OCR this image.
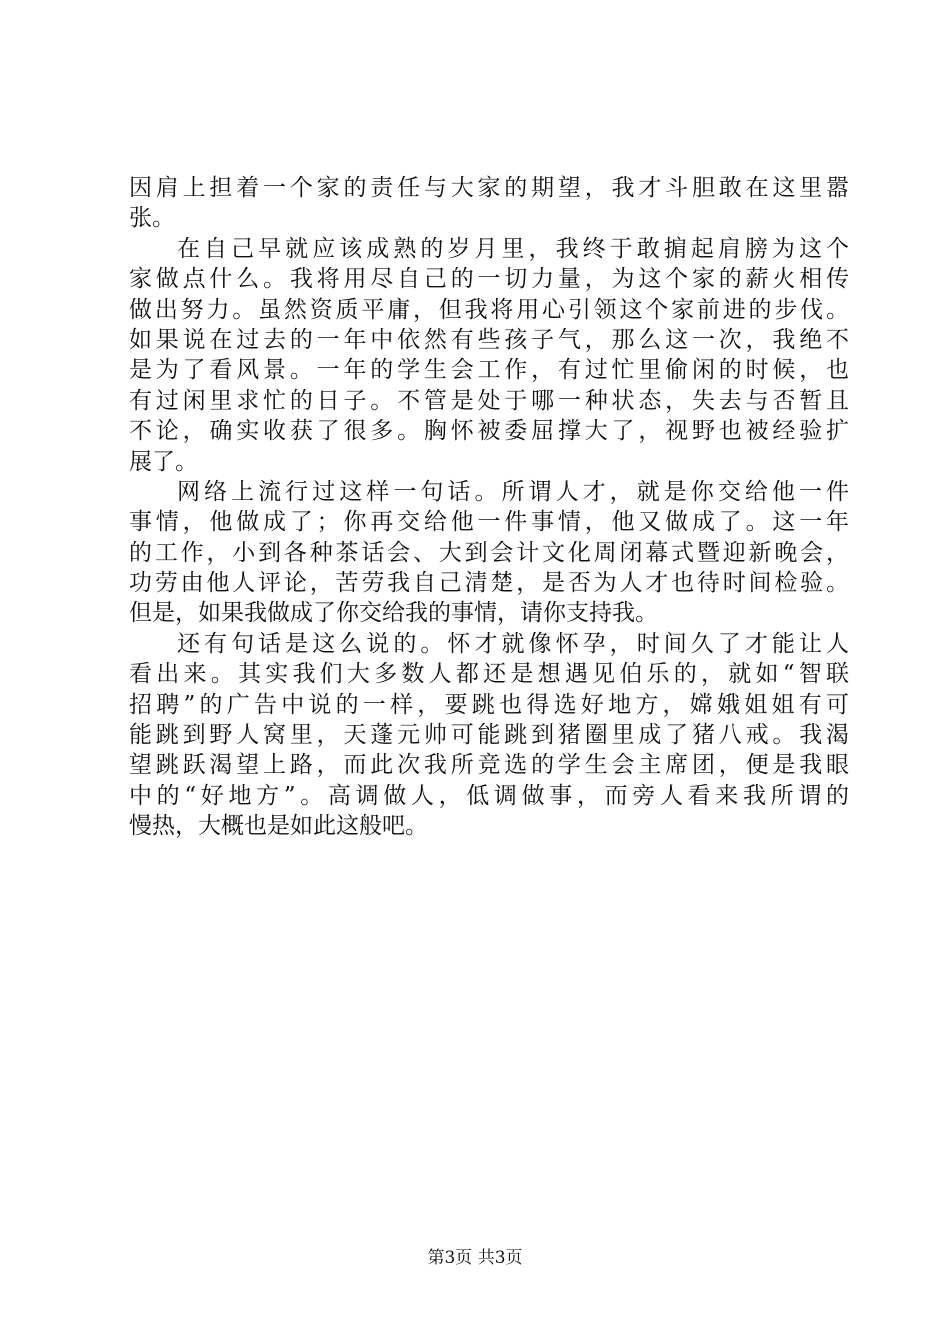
因肩上担着一个家的责任与大家的期望，我才斗胆敢在这里嚣
张。
在自己早就应该成熟的岁月里，我终于敢掮起肩膀为这个
家做点什么。我将用尽自己的一切力量，为这个家的薪火相传
做出努力。虽然资质平庸，但我将用心引领这个家前进的步伐。
如果说在过去的一年中依然有些孩子气，那么这一次，我绝不
是为了看风景。一年的学生会工作，有过忙里偷闲的时候，也
有过闲里求忙的日子。不管是处于哪一种状态，失去与否暂且
不论，确实收获了很多。胸怀被委屈撑大了，视野也被经验扩
展了。
网络上流行过这样一句话。所谓人才，就是你交给他一件
事情，他做成了；你再交给他一件事情，他又做成了。这一年
的工作，小到各种茶话会、大到会计文化周闭幕式暨迎新晚会，
功劳由他人评论，苦劳我自己清楚，是否为人才也待时间检验。
但是，如果我做成了你交给我的事情，请你支持我。
还有句话是这么说的。怀才就像怀孕，时间久了才能让人
看出来。其实我们大多数人都还是想遇见伯乐的，就如“智联
招聘”的广告中说的一样，要跳也得选好地方，嫦娥姐姐有可
能跳到野人窝里，天蓬元帅可能跳到猪圈里成了猪八戒。我渴
望跳跃渴望上路，而此次我所竞选的学生会主席团，便是我眼
中的“好地方”。高调做人，低调做事，而旁人看来我所谓的
慢热，大概也是如此这般吧。
第3页 共3页
